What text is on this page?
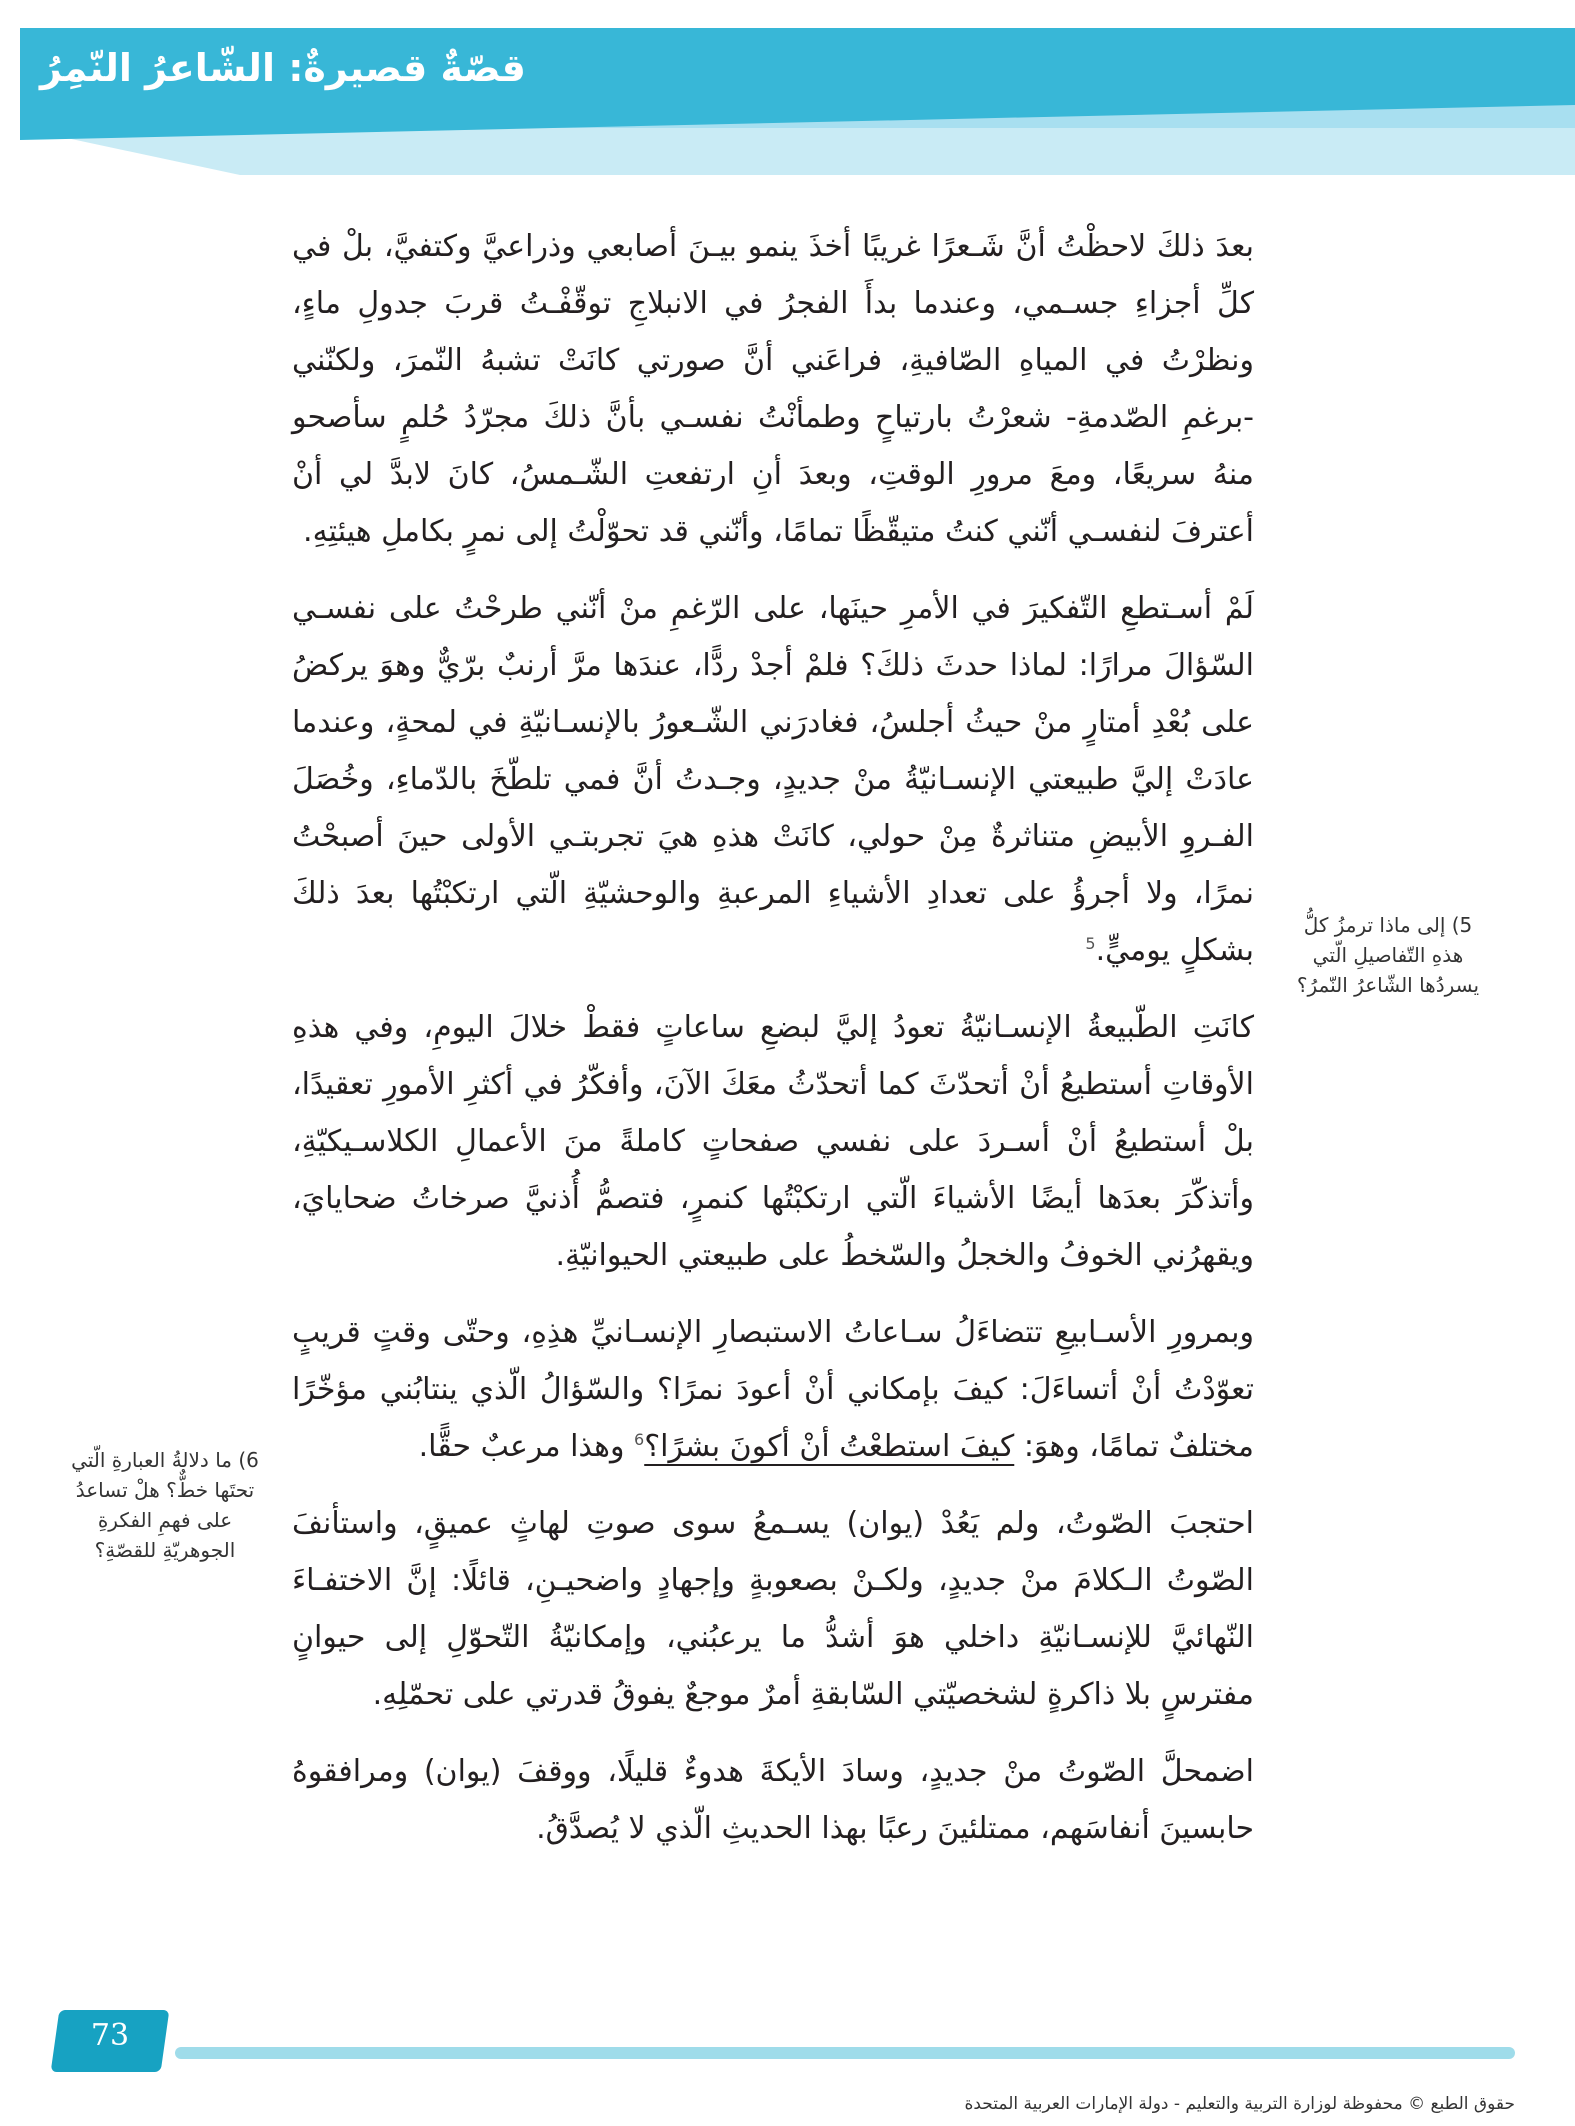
قصّةٌ قصيرةٌ: الشّاعرُ النّمِرُ

بعدَ ذلكَ لاحظْتُ أنَّ شَـعرًا غريبًا أخذَ ينمو بيـنَ أصابعي وذراعيَّ وكتفيَّ، بلْ في كلِّ أجزاءِ جسـمي، وعندما بدأَ الفجرُ في الانبلاجِ توقّفْـتُ قربَ جدولِ ماءٍ، ونظرْتُ في المياهِ الصّافيةِ، فراعَني أنَّ صورتي كانَتْ تشبهُ النّمرَ، ولكنّني -برغمِ الصّدمةِ- شعرْتُ بارتياحٍ وطمأنْتُ نفسـي بأنَّ ذلكَ مجرّدُ حُلمٍ سأصحو منهُ سريعًا، ومعَ مرورِ الوقتِ، وبعدَ أنِ ارتفعتِ الشّـمسُ، كانَ لابدَّ لي أنْ أعترفَ لنفسـي أنّني كنتُ متيقّظًا تمامًا، وأنّني قد تحوّلْتُ إلى نمرٍ بكاملِ هيئتِهِ.

لَمْ أسـتطعِ التّفكيرَ في الأمرِ حينَها، على الرّغمِ منْ أنّني طرحْتُ على نفسـي السّؤالَ مرارًا: لماذا حدثَ ذلكَ؟ فلمْ أجدْ ردًّا، عندَها مرَّ أرنبٌ برّيٌّ وهوَ يركضُ على بُعْدِ أمتارٍ منْ حيثُ أجلسُ، فغادرَني الشّـعورُ بالإنسـانيّةِ في لمحةٍ، وعندما عادَتْ إليَّ طبيعتي الإنسـانيّةُ منْ جديدٍ، وجـدتُ أنَّ فمي تلطّخَ بالدّماءِ، وخُصَلَ الفـروِ الأبيضِ متناثرةٌ مِنْ حولي، كانَتْ هذهِ هيَ تجربتـي الأولى حينَ أصبحْتُ نمرًا، ولا أجرؤُ على تعدادِ الأشياءِ المرعبةِ والوحشيّةِ الّتي ارتكبْتُها بعدَ ذلكَ بشكلٍ يوميٍّ.$^5$

كانَتِ الطّبيعةُ الإنسـانيّةُ تعودُ إليَّ لبضعِ ساعاتٍ فقطْ خلالَ اليومِ، وفي هذهِ الأوقاتِ أستطيعُ أنْ أتحدّثَ كما أتحدّثُ معَكَ الآنَ، وأفكّرُ في أكثرِ الأمورِ تعقيدًا، بلْ أستطيعُ أنْ أسـردَ على نفسي صفحاتٍ كاملةً منَ الأعمالِ الكلاسـيكيّةِ، وأتذكّرَ بعدَها أيضًا الأشياءَ الّتي ارتكبْتُها كنمرٍ، فتصمُّ أُذنيَّ صرخاتُ ضحايايَ، ويقهرُني الخوفُ والخجلُ والسّخطُ على طبيعتي الحيوانيّةِ.

وبمرورِ الأسـابيعِ تتضاءَلُ سـاعاتُ الاستبصارِ الإنسـانيِّ هذِهِ، وحتّى وقتٍ قريبٍ تعوّدْتُ أنْ أتساءَلَ: كيفَ بإمكاني أنْ أعودَ نمرًا؟ والسّؤالُ الّذي ينتابُني مؤخّرًا مختلفٌ تمامًا، وهوَ: كيفَ استطعْتُ أنْ أكونَ بشرًا؟$^6$ وهذا مرعبٌ حقًّا.

احتجبَ الصّوتُ، ولم يَعُدْ (يوان) يسـمعُ سوى صوتِ لهاثٍ عميقٍ، واستأنفَ الصّوتُ الـكلامَ منْ جديدٍ، ولكـنْ بصعوبةٍ وإجهادٍ واضحيـنِ، قائلًا: إنَّ الاختفـاءَ النّهائيَّ للإنسـانيّةِ داخلي هوَ أشدُّ ما يرعبُني، وإمكانيّةُ التّحوّلِ إلى حيوانٍ مفترسٍ بلا ذاكرةٍ لشخصيّتي السّابقةِ أمرٌ موجعٌ يفوقُ قدرتي على تحمّلِهِ.

اضمحلَّ الصّوتُ منْ جديدٍ، وسادَ الأيكةَ هدوءٌ قليلًا، ووقفَ (يوان) ومرافقوهُ حابسينَ أنفاسَهم، ممتلئينَ رعبًا بهذا الحديثِ الّذي لا يُصدَّقُ.

5) إلى ماذا ترمزُ كلُّ هذهِ التّفاصيلِ الّتي يسردُها الشّاعرُ النّمرُ؟
6) ما دلالةُ العبارةِ الّتي تحتَها خطٌّ؟ هلْ تساعدُ على فهمِ الفكرةِ الجوهريّةِ للقصّةِ؟
73
حقوق الطبع © محفوظة لوزارة التربية والتعليم - دولة الإمارات العربية المتحدة
